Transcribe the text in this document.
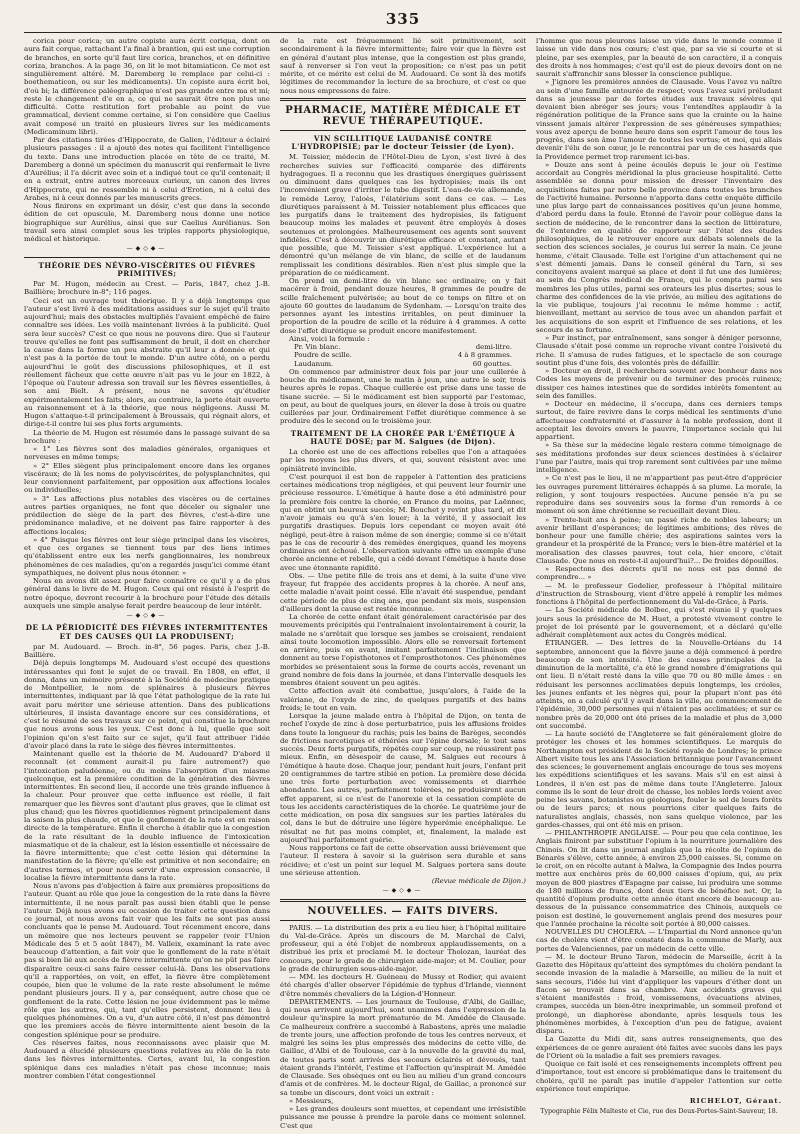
335

corica pour corica; un autre copiste aura écrit coriqua, dont on aura fait corque, rattachant l'a final à brantion, qui est une corruption de branchos, en sorte qu'il faut lire corica, branchos, et en définitive coriza, branchos. A la page 36, on lit le mot bitamiaticon. Ce mot est singulièrement altéré. M. Daremberg le remplace par celui-ci : boethematicon, ou sur les médicaments). Un copiste aura écrit boi, d'où bi; la différence paléographique n'est pas grande entre ma et mi; reste le changement d'e en a, ce qui ne saurait être non plus une difficulté. Cette restitution fort probable au point de vue grammatical, devient comme certaine, si l'on considère que Caelius avait composé un traité en plusieurs livres sur les médicaments (Medicaminum libri).

Par des citations tirées d'Hippocrate, de Galien, l'éditeur a éclairé plusieurs passages : il a ajouté des notes qui facilitent l'intelligence du texte. Dans une introduction placée en tête de ce traité, M. Daremberg a donné un spécimen du manuscrit qui renfermait le livre d'Aurélius; il l'a décrit avec soin et a indiqué tout ce qu'il contenait; il en a extrait, entre autres morceaux curieux, un canon des livres d'Hippocrate, qui ne ressemble ni à celui d'Erotien, ni à celui des Arabes, ni à ceux donnés par les manuscrits grecs.

Nous finirons en exprimant un désir, c'est que dans la seconde édition de cet opuscule, M. Daremberg nous donne une notice biographique sur Aurélius, ainsi que sur Caelius Aurélianus. Son travail sera ainsi complet sous les triples rapports physiologique, médical et historique.

—◆◇◆—
THÉORIE DES NÉVRO-VISCÉRITES OU FIÈVRES PRIMITIVES;

Par M. Hugon, médecin au Crest. — Paris, 1847, chez J.-B. Baillière; brochure in-8°; 116 pages.

Ceci est un ouvrage tout théorique. Il y a déjà longtemps que l'auteur s'est livré à des méditations assidues sur le sujet qu'il traite aujourd'hui; mais des obstacles multipliés l'avaient empêché de faire connaître ses idées. Les voilà maintenant livrées à la publicité. Quel sera leur succès? C'est ce que nous ne pouvons dire. Que si l'auteur trouve qu'elles ne font pas suffisamment de bruit, il doit en chercher la cause dans la forme un peu abstraite qu'il leur a donnée et qui n'est pas à la portée de tout le monde. D'un autre côté, on a perdu aujourd'hui le goût des discussions philosophiques, et il est réellement fâcheux que cette œuvre n'ait pas vu le jour en 1822, à l'époque où l'auteur adressa son travail sur les fièvres essentielles, à son ami Bielt. A présent, nous ne savons qu'étudier expérimentalement les faits; alors, au contraire, la porte était ouverte au raisonnement et à la théorie, que nous négligeons. Aussi M. Hugon s'attaque-t-il principalement à Broussais, qui régnait alors, et dirige-t-il contre lui ses plus forts arguments.

La théorie de M. Hugon est résumée dans le passage suivant de sa brochure :

« 1° Les fièvres sont des maladies générales, organiques et nerveuses en même temps;

» 2° Elles siègent plus principalement encore dans les organes viscéraux; de là les noms de polyviscérites, de polysplanchnites, qui leur conviennent parfaitement, par opposition aux affections locales ou individuelles;

» 3° Les affections plus notables des viscères ou de certaines autres parties organiques, ne font que déceler ou signaler une prédilection de siège de la part des fièvres, c'est-à-dire une prédominance maladive, et ne doivent pas faire rapporter à des affections locales;

» 4° Puisque les fièvres ont leur siège principal dans les viscères, et que ces organes se tiennent tous par des liens intimes qu'établissent entre eux les nerfs ganglionnaires, les nombreux phénomènes de ces maladies, qu'on a regardés jusqu'ici comme étant sympathiques, ne doivent plus nous étonner. »

Nous en avons dit assez pour faire connaître ce qu'il y a de plus général dans le livre de M. Hugon. Ceux qui ont résisté à l'esprit de notre époque, devront recourir à la brochure pour l'étude des détails auxquels une simple analyse ferait perdre beaucoup de leur intérêt.

—◆◇◆—
DE LA PÉRIODICITÉ DES FIÈVRES INTERMITTENTES ET DES CAUSES QUI LA PRODUISENT;

par M. Audouard. — Broch. in-8°, 56 pages. Paris, chez J.-B. Baillière.

Déjà depuis longtemps M. Audouard s'est occupé des questions intéressantes qui font le sujet de ce travail. En 1808, en effet, il donna, dans un mémoire présenté à la Société de médecine pratique de Montpellier, le nom de splénaires à plusieurs fièvres intermittentes, indiquant par là que l'état pathologique de la rate lui avait paru mériter une sérieuse attention. Dans des publications ultérieures, il insista davantage encore sur ces considérations, et c'est le résumé de ses travaux sur ce point, qui constitue la brochure que nous avons sous les yeux. C'est donc à lui, quelle que soit l'opinion qu'on s'est faite sur ce sujet, qu'il faut attribuer l'idée d'avoir placé dans la rate le siège des fièvres intermittentes.

Maintenant quelle est la théorie de M. Audouard? D'abord il reconnaît (et comment aurait-il pu faire autrement?) que l'intoxication paludéenne, ou du moins l'absorption d'un miasme quelconque, est la première condition de la génération des fièvres intermittentes. En second lieu, il accorde une très grande influence à la chaleur. Pour prouver que cette influence est réelle, il fait remarquer que les fièvres sont d'autant plus graves, que le climat est plus chaud; que les fièvres quotidiennes règnent principalement dans la saison la plus chaude, et que le gonflement de la rate est en raison directe de la température. Enfin il cherche à établir que la congestion de la rate résultant de la double influence de l'intoxication miasmatique et de la chaleur, est la lésion essentielle et nécessaire de la fièvre intermittente; que c'est cette lésion qui détermine la manifestation de la fièvre; qu'elle est primitive et non secondaire; en d'autres termes, et pour nous servir d'une expression consacrée, il localise la fièvre intermittente dans la rate.

Nous n'avons pas d'objection à faire aux premières propositions de l'auteur. Quant au rôle que joue la congestion de la rate dans la fièvre intermittente, il ne nous paraît pas aussi bien établi que le pense l'auteur. Déjà nous avons eu occasion de traiter cette question dans ce journal, et nous avons fait voir que les faits ne sont pas aussi concluants que le pense M. Audouard. Tout récemment encore, dans un mémoire que nos lecteurs peuvent se rappeler (voir l'Union Médicale des 5 et 5 août 1847), M. Valleix, examinant la rate avec beaucoup d'attention, a fait voir que le gonflement de la rate n'était pas si bien lié aux accès de fièvre intermittente qu'on ne pût pas faire disparaître ceux-ci sans faire cesser celui-là. Dans les observations qu'il a rapportées, on voit, en effet, la fièvre être complètement coupée, bien que le volume de la rate reste absolument le même pendant plusieurs jours. Il y a, par conséquent, autre chose que ce gonflement de la rate. Cette lésion ne joue évidemment pas le même rôle que les autres, qui, tant qu'elles persistent, donnent lieu à quelques phénomènes. On a vu, d'un autre côté, il n'est pas démontré que les premiers accès de fièvre intermittente aient besoin de la congestion splénique pour se produire.

Ces réserves faites, nous reconnaissons avec plaisir que M. Audouard a élucidé plusieurs questions relatives au rôle de la rate dans les fièvres intermittentes. Certes, avant lui, la congestion splénique dans ces maladies n'était pas chose inconnue; mais montrer combien l'état congestionnel

de la rate est fréquemment lié soit primitivement, soit secondairement à la fièvre intermittente; faire voir que la fièvre est en général d'autant plus intense, que la congestion est plus grande, sauf à renverser si l'on veut la proposition; ce n'est pas un petit mérite, et ce mérite est celui de M. Audouard. Ce sont là des motifs légitimes de recommander la lecture de sa brochure, et c'est ce que nous nous empressons de faire.

PHARMACIE, MATIÈRE MÉDICALE ET REVUE THÉRAPEUTIQUE.
VIN SCILLITIQUE LAUDANISÉ CONTRE L'HYDROPISIE; par le docteur Teissier (de Lyon).

M. Teissier, médecin de l'Hôtel-Dieu de Lyon, s'est livré à des recherches suivies sur l'efficacité comparée des différents hydragogues. Il a reconnu que les drastiques énergiques guérissent ou diminuent dans quelques cas les hydropisies; mais ils ont l'inconvénient grave d'irriter le tube digestif. L'eau-de-vie allemande, le remède Leroy, l'aloès, l'élatérium sont dans ce cas. — Les diurétiques paraissent à M. Teissier notablement plus efficaces que les purgatifs dans le traitement des hydropisies, ils fatiguent beaucoup moins les malades et peuvent être employés à doses soutenues et prolongées. Malheureusement ces agents sont souvent infidèles. C'est à découvrir un diurétique efficace et constant, autant que possible, que M. Teissier s'est appliqué. L'expérience lui a démontré qu'un mélange de vin blanc, de scille et de laudanum remplissait les conditions désirables. Rien n'est plus simple que la préparation de ce médicament.

On prend un demi-litre de vin blanc sec ordinaire; on y fait macérer à froid, pendant douze heures, 8 grammes de poudre de scille fraîchement pulvérisée; au bout de ce temps on filtre et on ajoute 60 gouttes de laudanum de Sydenham. — Lorsqu'on traite des personnes ayant les intestins irritables, on peut diminuer la proportion de la poudre de scille et la réduire à 4 grammes. A cette dose l'effet diurétique se produit encore manifestement.

Ainsi, voici la formule :

Pr. Vin blanc.	demi-litre.
Poudre de scille.	4 à 8 grammes.
Laudanum.	60 gouttes.

On commence par administrer deux fois par jour une cuillerée à bouche du médicament, une le matin à jeun, une autre le soir, trois heures après le repas. Chaque cuillerée est prise dans une tasse de tisane sucrée. — Si le médicament est bien supporté par l'estomac, on peut, au bout de quelques jours, en élever la dose à trois ou quatre cuillerées par jour. Ordinairement l'effet diurétique commence à se produire dès le second ou le troisième jour.

TRAITEMENT DE LA CHORÉE PAR L'ÉMÉTIQUE À HAUTE DOSE; par M. Salgues (de Dijon).

La chorée est une de ces affections rebelles que l'on a attaquées par les moyens les plus divers, et qui, souvent résistent avec une opiniâtreté invincible.

C'est pourquoi il est bon de rappeler à l'attention des praticiens certaines médications trop négligées, et qui peuvent leur fournir une précieuse ressource. L'émétique à haute dose a été administré pour la première fois contre la chorée, en France du moins, par Laënnec, qui en obtint un heureux succès; M. Bouchet y revint plus tard, et dit n'avoir jamais eu qu'à s'en louer; à la vérité, il y associait les purgatifs drastiques. Depuis lors cependant ce moyen avait été négligé, peut-être à raison même de son énergie; comme si ce n'était pas le cas de recourir à des remèdes énergiques, quand les moyens ordinaires ont échoué. L'observation suivante offre un exemple d'une chorée ancienne et rebelle, qui a cédé devant l'émétique à haute dose avec une étonnante rapidité.

Obs. — Une petite fille de trois ans et demi, à la suite d'une vive frayeur, fut frappée des accidents propres à la chorée. A neuf ans, cette maladie n'avait point cessé. Elle n'avait été suspendue, pendant cette période de plus de cinq ans, que pendant six mois, suspension d'ailleurs dont la cause est restée inconnue.

La chorée de cette enfant était généralement caractérisée par des mouvements précipités qui l'entraînaient involontairement à courir, la malade ne s'arrêtait que lorsque ses jambes se croisaient, rendaient ainsi toute locomotion impossible. Alors elle se renversait fortement en arrière, puis en avant, imitant parfaitement l'inclinaison que donnent au torse l'opisthotonos et l'emprosthotonos. Ces phénomènes morbides se présentaient sous la forme de courts accès, revenant un grand nombre de fois dans la journée, et dans l'intervalle desquels les membres étaient souvent un peu agités.

Cette affection avait été combattue, jusqu'alors, à l'aide de la valériane, de l'oxyde de zinc, de quelques purgatifs et des bains froids; le tout en vain.

Lorsque la jeune malade entra à l'hôpital de Dijon, on tenta de rechef l'oxyde de zinc à dose perturbatrice, puis les affusions froides dans toute la longueur du rachis; puis les bains de Barèges, secondés de frictions narcotiques et éthérées sur l'épine dorsale; le tout sans succès. Deux forts purgatifs, répétés coup sur coup, ne réussirent pas mieux. Enfin, en désespoir de cause, M. Salgues eut recours à l'émétique à haute dose. Chaque jour, pendant huit jours, l'enfant prit 20 centigrammes de tartre stibié en potion. La première dose décida une très forte perturbation avec vomissements et diarrhée abondante. Les autres, parfaitement tolérées, ne produisirent aucun effet apparent, si ce n'est de l'anorexie et la cessation complète de tous les accidents caractéristiques de la chorée. Le quatrième jour de cette médication, on posa dix sangsues sur les parties latérales du col, dans le but de détruire une légère hyperémie encéphalique. Le résultat ne fut pas moins complet, et, finalement, la malade est aujourd'hui parfaitement guérie.

Nous rapportons ce fait de cette observation aussi brièvement que l'auteur. Il restera à savoir si la guérison sera durable et sans récidive; et c'est un point sur lequel M. Salgues portera sans doute une sérieuse attention.

(Revue médicale de Dijon.)
—◆◇◆—
NOUVELLES. — FAITS DIVERS.

PARIS. — La distribution des prix a eu lieu hier, à l'hôpital militaire du Val-de-Grâce. Après un discours de M. Marchal de Calvi, professeur, qui a été l'objet de nombreux applaudissements, on a distribué les prix et proclamé M. le docteur Tholozan, lauréat des concours, pour le grade de chirurgien aide-major; et M. Coulier, pour le grade de chirurgien sous-aide-major.

— MM. les docteurs H. Guéneau de Mussy et Rodier, qui avaient été chargés d'aller observer l'épidémie de typhus d'Irlande, viennent d'être nommés chevaliers de la Légion-d'Honneur.

DÉPARTEMENTS. — Les journaux de Toulouse, d'Albi, de Gaillac, qui nous arrivent aujourd'hui, sont unanimes dans l'expression de la douleur qu'inspire la mort prématurée de M. Amédée de Clausade. Ce malheureux confrère a succombé à Rabastens, après une maladie de trente jours, une affection profonde de tous les centres nerveux, et malgré les soins les plus empressés des médecins de cette ville, de Gaillac, d'Albi et de Toulouse, car à la nouvelle de la gravité du mal, de toutes parts sont arrivés des secours éclairés et dévoués, tant étaient grands l'intérêt, l'estime et l'affection qu'inspirait M. Amédée de Clausade. Ses obsèques ont eu lieu au milieu d'un grand concours d'amis et de confrères. M. le docteur Rigal, de Gaillac, a prononcé sur sa tombe un discours, dont voici un extrait :

« Messieurs,

» Les grandes douleurs sont muettes, et cependant une irrésistible puissance me pousse à prendre la parole dans ce moment solennel. C'est que

l'homme que nous pleurons laisse un vide dans le monde comme il laisse un vide dans nos cœurs; c'est que, par sa vie si courte et si pleine, par ses exemples, par la beauté de son caractère, il a conquis des droits à nos hommages; c'est qu'il est de pieux devoirs dont on ne saurait s'affranchir sans blesser la conscience publique.

» J'ignore les premières années de Clausade. Vous l'avez vu naître au sein d'une famille entourée de respect; vous l'avez suivi préludant dans sa jeunesse par de fortes études aux travaux sévères qui devaient bien abréger ses jours; vous l'entendîtes applaudir à la régénération politique de la France sans que la crainte ou la haine vinssent jamais altérer l'expression de ses généreuses sympathies; vous avez aperçu de bonne heure dans son esprit l'amour de tous les progrès, dans son âme l'amour de toutes les vertus; et moi, qui allais devenir l'élu de son cœur, je le rencontrai par un de ces hasards que la Providence permet trop rarement ici-bas.

» Douze ans sont à peine écoulés depuis le jour où l'estime accordait au Congrès méridional la plus gracieuse hospitalité. Cette assemblée se donna pour mission de dresser l'inventaire des acquisitions faites par notre belle province dans toutes les branches de l'activité humaine. Personne n'apporta dans cette enquête difficile une plus large part de connaissances positives qu'un jeune homme, d'abord perdu dans la foule. Étonné de l'avoir pour collègue dans la section de médecine, de le rencontrer dans la section de littérature, de l'entendre en qualité de rapporteur sur l'état des études philosophiques, de le retrouver encore aux débats solennels de la section des sciences sociales, je courus lui serrer la main. Ce jeune homme, c'était Clausade. Telle est l'origine d'un attachement qui ne s'est démenti jamais. Dans le conseil général du Tarn, si ses concitoyens avaient marqué sa place et dont il fut une des lumières; au sein du Congrès médical de France, qui le compta parmi ses membres les plus utiles, parmi ses orateurs les plus disertes; sous le charme des confidences de la vie privée, au milieu des agitations de la vie publique, toujours j'ai reconnu le même homme : actif, bienveillant, mettant au service de tous avec un abandon parfait et les acquisitions de son esprit et l'influence de ses relations, et les secours de sa fortune.

» Pur instinct, par entraînement, sans songer à déniger personne, Clausade s'était posé comme un reproche vivant contre l'oisiveté du riche. Il s'amusa de rudes fatigues, et le spectacle de son courage soutint plus d'une fois, des volontés près de défaillir.

» Docteur en droit, il recherchera souvent avec bonheur dans nos Codes les moyens de prévenir ou de terminer des procès ruineux; dissiper ces haines intestines que de sordides intérêts fomentent au sein des familles.

» Docteur en médecine, il s'occupa, dans ces derniers temps surtout, de faire revivre dans le corps médical les sentiments d'une affectueuse confraternité et d'assurer à la noble profession, dont il acceptait les devoirs envers le pauvre, l'importance sociale qui lui appartient.

» Sa thèse sur la médecine légale restera comme témoignage de ses méditations profondes sur deux sciences destinées à s'éclairer l'une par l'autre, mais qui trop rarement sont cultivées par une même intelligence.

» Ce n'est pas le lieu, il ne m'appartient pas peut-être d'apprécier les ouvrages purement littéraires échappés à sa plume. La morale, la religion, y sont toujours respectées. Aucune pensée n'a pu se reproduire dans ses souvenirs sous la forme d'un remords à ce moment où son âme chrétienne se recueillait devant Dieu.

» Trente-huit ans à peine; un passé riche de nobles labeurs; un avenir brillant d'espérances; de légitimes ambitions; des rêves de bonheur pour une famille chérie; des aspirations saintes vers la grandeur et la prospérité de la France; vers le bien-être matériel et la moralisation des classes pauvres, tout cela, hier encore, c'était Clausade. Que nous en reste-t-il aujourd'hui?... De froides dépouilles.

» Respectons des décrets qu'il ne nous est pas donné de comprendre... »

— M. le professeur Godelier, professeur à l'hôpital militaire d'instruction de Strasbourg, vient d'être appelé à remplir les mêmes fonctions à l'hôpital de perfectionnement du Val-de-Grâce, à Paris.

— La Société médicale de Bolbec, qui s'est réunie il y quelques jours sous la présidence de M. Huet, a protesté vivement contre le projet de loi présenté par le gouvernement, et a déclaré qu'elle adhérait complètement aux actes du Congrès médical.

ÉTRANGER. — Des lettres de la Nouvelle-Orléans du 14 septembre, annoncent que la fièvre jaune a déjà commencé à perdre beaucoup de son intensité. Une des causes principales de la diminution de la mortalité, c'a été le grand nombre d'émigrations qui ont lieu. Il n'était resté dans la ville que 70 ou 80 mille âmes : en réduisant les personnes acclimatées depuis longtemps, les créoles, les jeunes enfants et les nègres qui, pour la plupart n'ont pas été atteints, on a calculé qu'il y avait dans la ville, au commencement de l'épidémie, 30,000 personnes qui n'étaient pas acclimatées; et sur ce nombre près de 20,000 ont été prises de la maladie et plus de 3,000 ont succombé.

— La haute société de l'Angleterre se fait généralement gloire de protéger les choses et les hommes scientifiques. Le marquis de Northampton est président de la Société royale de Londres; le prince Albert visite tous les ans l'Association britannique pour l'avancement des sciences; le gouvernement anglais encourage de tous ses moyens les expéditions scientifiques et les savans. Mais s'il en est ainsi à Londres, il n'en est pas de même dans toute l'Angleterre. Jaloux comme ils le sont de leur droit de chasse, les nobles lords voient avec peine les savans, botanistes ou géologues, fouler le sol de leurs forêts ou de leurs parcs; et nous pourrions citer quelques faits de naturalistes anglais, chassés, non sans quelque violence, par les gardes-chasses, qui ont été mis en prison.

— PHILANTHROPIE ANGLAISE. — Pour peu que cela continue, les Anglais finiront par substituer l'opium à la nourriture journalière des Chinois. On lit dans un journal anglais que la récolte de l'opium de Bénarès s'élève, cette année, à environ 25,000 caisses. Si, comme on le croit, on en récolte autant à Malwa, la Compagnie des Indes pourra mettre aux enchères près de 60,000 caisses d'opium, qui, au prix moyen de 800 piastres d'Espagne par caisse, lui produira une somme de 180 millions de francs, dont deux tiers de bénéfice net. Or, la quantité d'opium produite cette année étant encore de beaucoup au-dessous de la puissance consommatrice des Chinois, auxquels ce poison est destiné, le gouvernement anglais prend des mesures pour que l'année prochaine la récolte soit portée à 80,000 caisses.

NOUVELLES DU CHOLÉRA. — L'Impartial du Nord annonce qu'un cas de choléra vient d'être constaté dans la commune de Marly, aux portes de Valenciennes, par un médecin de cette ville.

— M. le docteur Bruno Taron, médecin de Marseille, écrit à la Gazette des Hôpitaux qu'atteint des symptômes du choléra pendant la seconde invasion de la maladie à Marseille, au milieu de la nuit et sans secours, l'idée lui vint d'appliquer les vapeurs d'éther dont un flacon se trouvait dans sa chambre. Aux accidents graves qui s'étaient manifestés : froid, vomissemens, évacuations alvines, crampes, succéda un bien-être inexprimable, un sommeil profond et prolongé, un diaphorèse abondante, après lesquels tous les phénomènes morbides, à l'exception d'un peu de fatigue, avaient disparu.

La Gazette du Midi dit, sans autres renseignements, que des expériences de ce genre auraient été faites avec succès dans les pays de l'Orient où la maladie a fait ses premiers ravages.

Quoique ce fait isolé et ces renseignements incomplets offrent peu d'importance, tout est encore si problématique dans le traitement du choléra, qu'il ne paraît pas inutile d'appeler l'attention sur cette expérience tout empirique.

RICHELOT, Gérant.
Typographie Félix Malteste et Cie, rue des Deux-Portes-Saint-Sauveur, 18.
